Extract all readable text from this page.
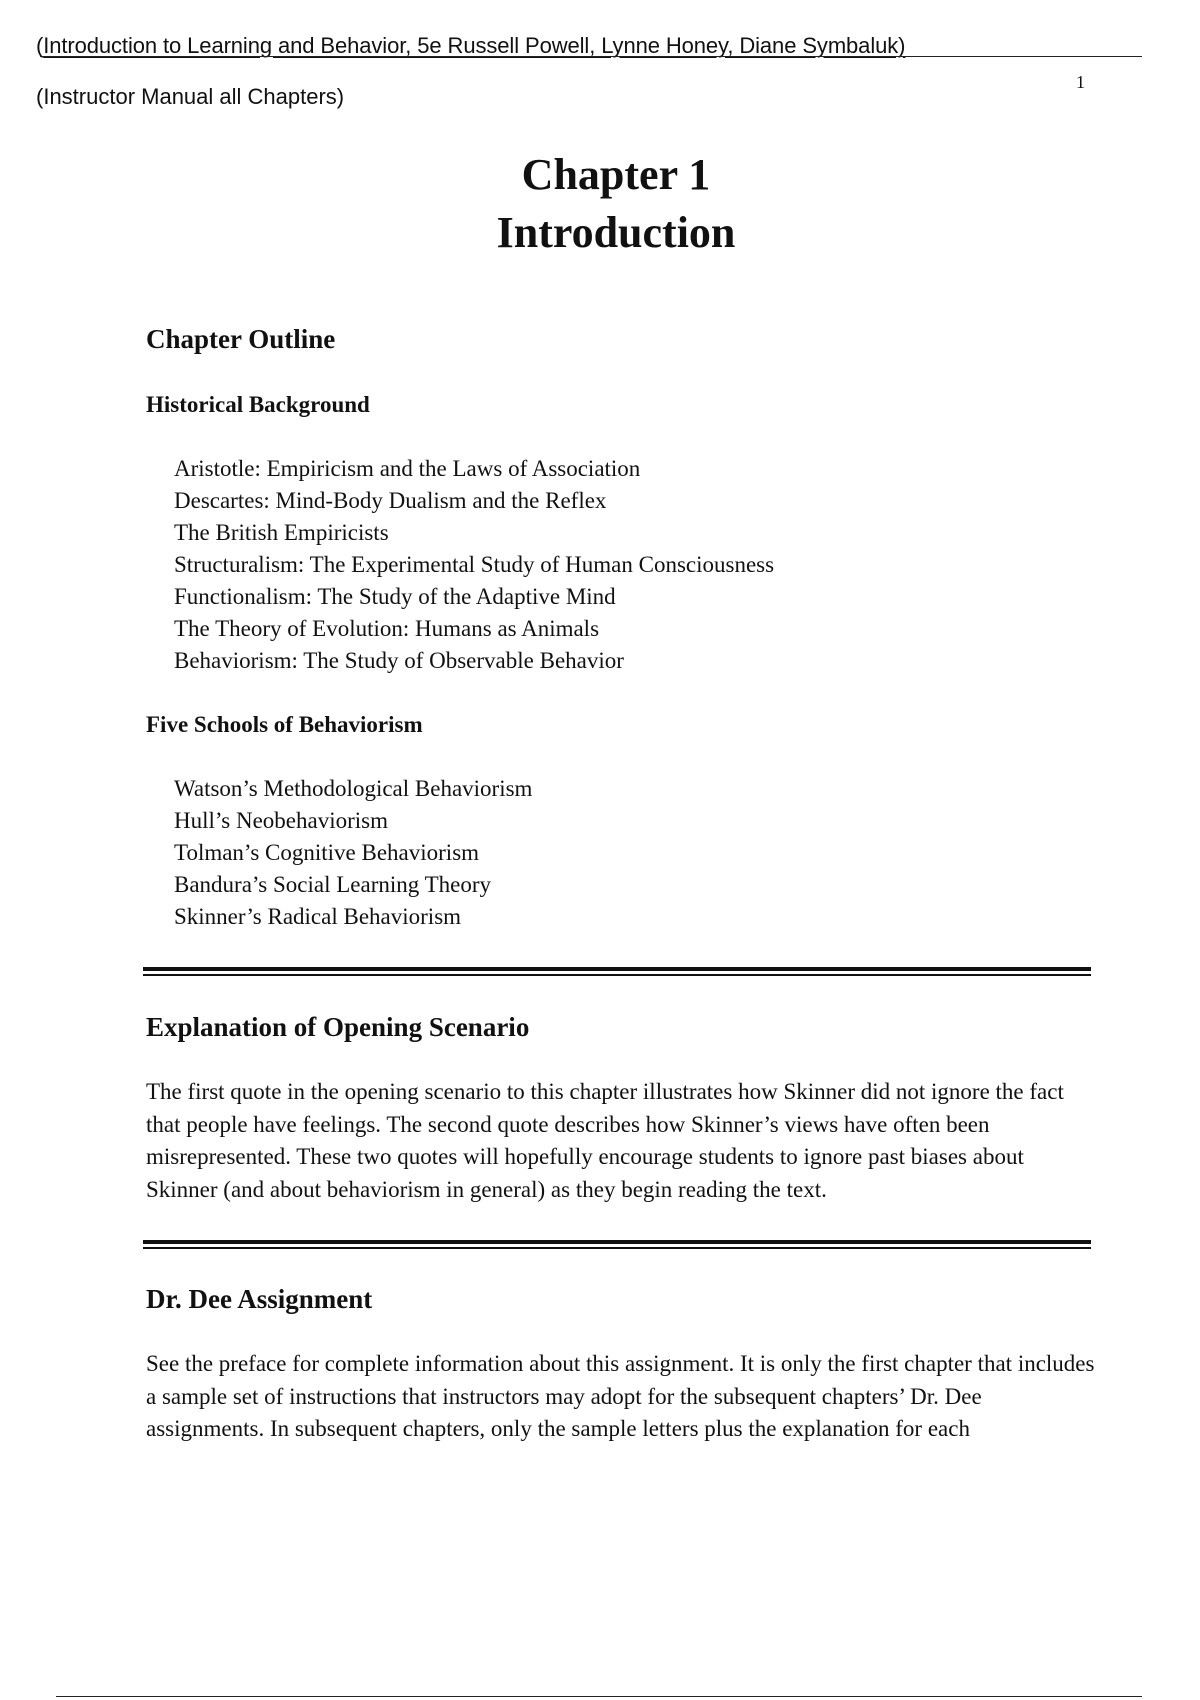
(Introduction to Learning and Behavior, 5e Russell Powell, Lynne Honey, Diane Symbaluk)
1
(Instructor Manual all Chapters)
Chapter 1
Introduction
Chapter Outline
Historical Background
Aristotle: Empiricism and the Laws of Association
Descartes: Mind-Body Dualism and the Reflex
The British Empiricists
Structuralism: The Experimental Study of Human Consciousness
Functionalism: The Study of the Adaptive Mind
The Theory of Evolution: Humans as Animals
Behaviorism: The Study of Observable Behavior
Five Schools of Behaviorism
Watson’s Methodological Behaviorism
Hull’s Neobehaviorism
Tolman’s Cognitive Behaviorism
Bandura’s Social Learning Theory
Skinner’s Radical Behaviorism
Explanation of Opening Scenario

The first quote in the opening scenario to this chapter illustrates how Skinner did not ignore the fact that people have feelings. The second quote describes how Skinner’s views have often been misrepresented. These two quotes will hopefully encourage students to ignore past biases about Skinner (and about behaviorism in general) as they begin reading the text.

Dr. Dee Assignment

See the preface for complete information about this assignment. It is only the first chapter that includes a sample set of instructions that instructors may adopt for the subsequent chapters’ Dr. Dee assignments. In subsequent chapters, only the sample letters plus the explanation for each
